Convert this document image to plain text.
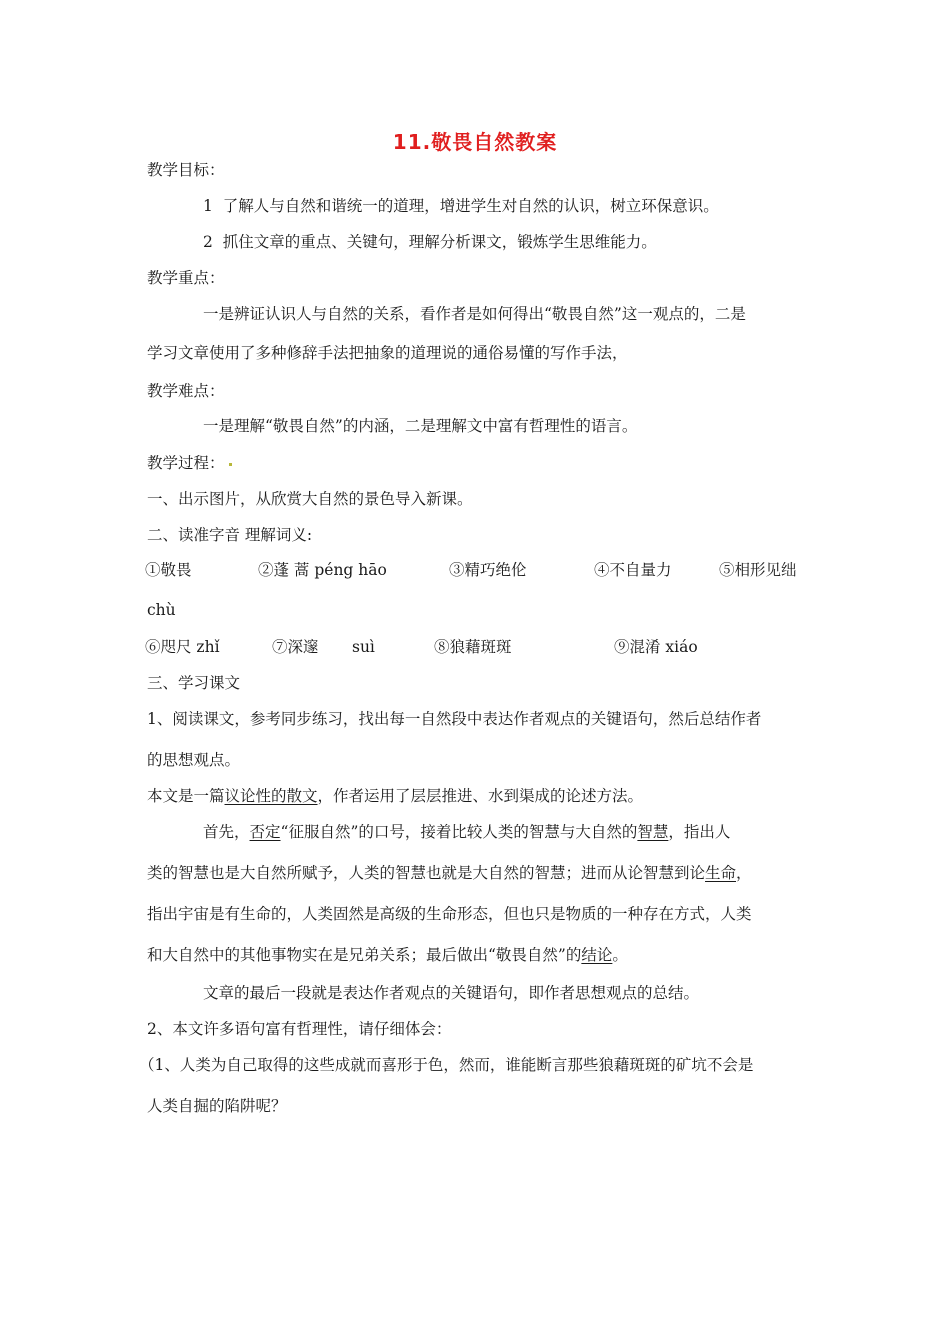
11.敬畏自然教案
教学目标：
1 了解人与自然和谐统一的道理，增进学生对自然的认识，树立环保意识。
2 抓住文章的重点、关键句，理解分析课文，锻炼学生思维能力。
教学重点：
一是辨证认识人与自然的关系，看作者是如何得出“敬畏自然”这一观点的，二是
学习文章使用了多种修辞手法把抽象的道理说的通俗易懂的写作手法，
教学难点：
一是理解“敬畏自然”的内涵，二是理解文中富有哲理性的语言。
教学过程：
一、出示图片，从欣赏大自然的景色导入新课。
二、读准字音 理解词义:
①敬畏	②蓬 蒿 péng hāo	③精巧绝伦	④不自量力	⑤相形见绌
chù
⑥咫尺 zhǐ	⑦深邃 suì	⑧狼藉斑斑	⑨混淆 xiáo
三、学习课文
1、阅读课文，参考同步练习，找出每一自然段中表达作者观点的关键语句，然后总结作者
的思想观点。
本文是一篇议论性的散文，作者运用了层层推进、水到渠成的论述方法。
首先，否定“征服自然”的口号，接着比较人类的智慧与大自然的智慧，指出人
类的智慧也是大自然所赋予，人类的智慧也就是大自然的智慧；进而从论智慧到论生命，
指出宇宙是有生命的，人类固然是高级的生命形态，但也只是物质的一种存在方式，人类
和大自然中的其他事物实在是兄弟关系；最后做出“敬畏自然”的结论。
文章的最后一段就是表达作者观点的关键语句，即作者思想观点的总结。
2、本文许多语句富有哲理性，请仔细体会：
（1、人类为自己取得的这些成就而喜形于色，然而，谁能断言那些狼藉斑斑的矿坑不会是
人类自掘的陷阱呢？
